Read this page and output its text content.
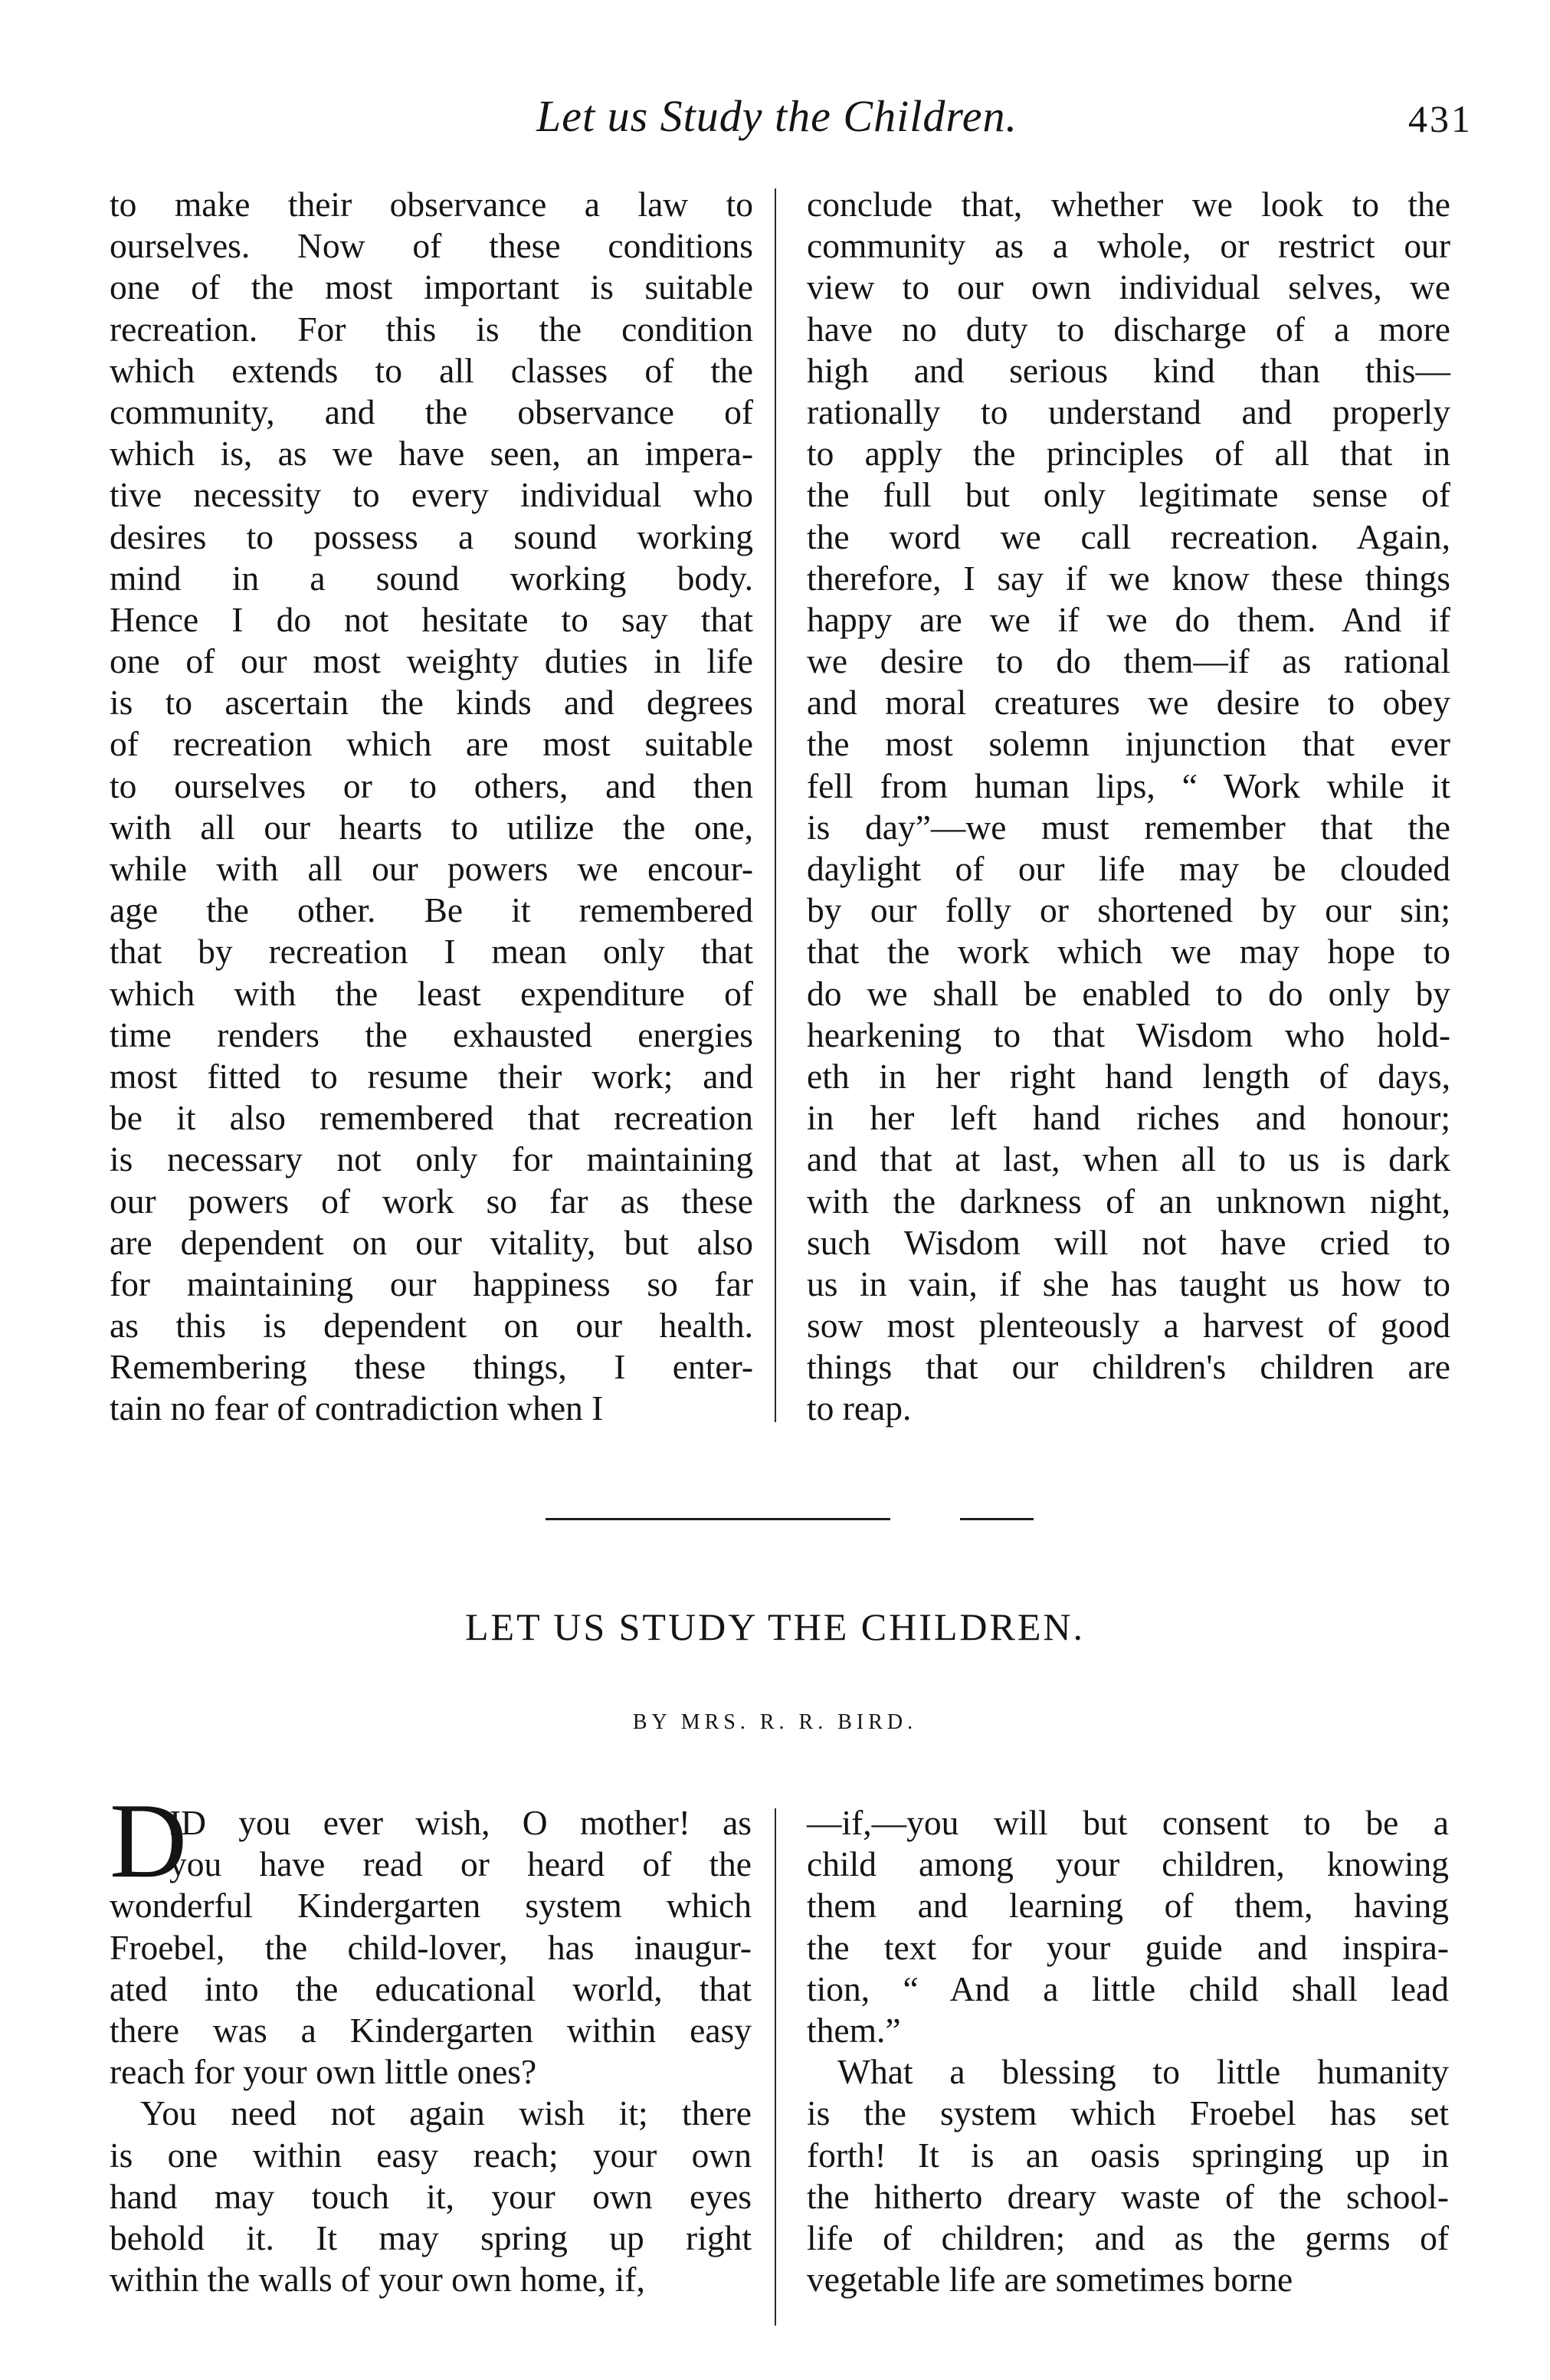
Let us Study the Children.	431
to make their observance a law to
ourselves. Now of these conditions
one of the most important is suitable
recreation. For this is the condition
which extends to all classes of the
community, and the observance of
which is, as we have seen, an impera-
tive necessity to every individual who
desires to possess a sound working
mind in a sound working body.
Hence I do not hesitate to say that
one of our most weighty duties in life
is to ascertain the kinds and degrees
of recreation which are most suitable
to ourselves or to others, and then
with all our hearts to utilize the one,
while with all our powers we encour-
age the other. Be it remembered
that by recreation I mean only that
which with the least expenditure of
time renders the exhausted energies
most fitted to resume their work; and
be it also remembered that recreation
is necessary not only for maintaining
our powers of work so far as these
are dependent on our vitality, but also
for maintaining our happiness so far
as this is dependent on our health.
Remembering these things, I enter-
tain no fear of contradiction when I
conclude that, whether we look to the
community as a whole, or restrict our
view to our own individual selves, we
have no duty to discharge of a more
high and serious kind than this—
rationally to understand and properly
to apply the principles of all that in
the full but only legitimate sense of
the word we call recreation. Again,
therefore, I say if we know these things
happy are we if we do them. And if
we desire to do them—if as rational
and moral creatures we desire to obey
the most solemn injunction that ever
fell from human lips, “ Work while it
is day”—we must remember that the
daylight of our life may be clouded
by our folly or shortened by our sin;
that the work which we may hope to
do we shall be enabled to do only by
hearkening to that Wisdom who hold-
eth in her right hand length of days,
in her left hand riches and honour;
and that at last, when all to us is dark
with the darkness of an unknown night,
such Wisdom will not have cried to
us in vain, if she has taught us how to
sow most plenteously a harvest of good
things that our children's children are
to reap.
LET US STUDY THE CHILDREN.
BY MRS. R. R. BIRD.
D
ID you ever wish, O mother! as
you have read or heard of the
wonderful Kindergarten system which
Froebel, the child-lover, has inaugur-
ated into the educational world, that
there was a Kindergarten within easy
reach for your own little ones?
You need not again wish it; there
is one within easy reach; your own
hand may touch it, your own eyes
behold it. It may spring up right
within the walls of your own home, if,
—if,—you will but consent to be a
child among your children, knowing
them and learning of them, having
the text for your guide and inspira-
tion, “ And a little child shall lead
them.”
What a blessing to little humanity
is the system which Froebel has set
forth! It is an oasis springing up in
the hitherto dreary waste of the school-
life of children; and as the germs of
vegetable life are sometimes borne
